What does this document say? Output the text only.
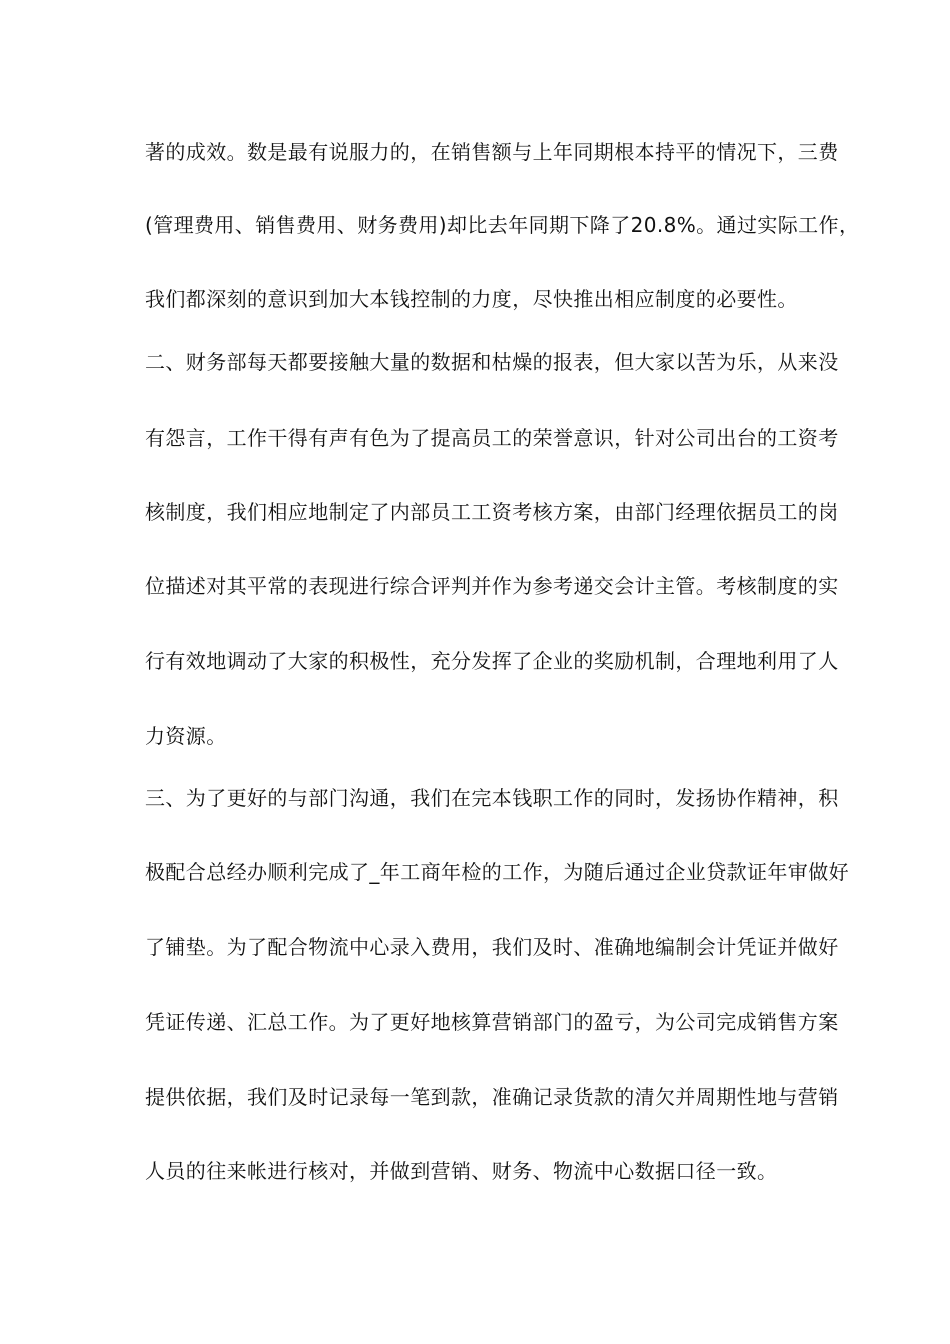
著的成效。数是最有说服力的，在销售额与上年同期根本持平的情况下，三费
(管理费用、销售费用、财务费用)却比去年同期下降了20.8%。通过实际工作，
我们都深刻的意识到加大本钱控制的力度，尽快推出相应制度的必要性。
二、财务部每天都要接触大量的数据和枯燥的报表，但大家以苦为乐，从来没
有怨言，工作干得有声有色为了提高员工的荣誉意识，针对公司出台的工资考
核制度，我们相应地制定了内部员工工资考核方案，由部门经理依据员工的岗
位描述对其平常的表现进行综合评判并作为参考递交会计主管。考核制度的实
行有效地调动了大家的积极性，充分发挥了企业的奖励机制，合理地利用了人
力资源。
三、为了更好的与部门沟通，我们在完本钱职工作的同时，发扬协作精神，积
极配合总经办顺利完成了_年工商年检的工作，为随后通过企业贷款证年审做好
了铺垫。为了配合物流中心录入费用，我们及时、准确地编制会计凭证并做好
凭证传递、汇总工作。为了更好地核算营销部门的盈亏，为公司完成销售方案
提供依据，我们及时记录每一笔到款，准确记录货款的清欠并周期性地与营销
人员的往来帐进行核对，并做到营销、财务、物流中心数据口径一致。
